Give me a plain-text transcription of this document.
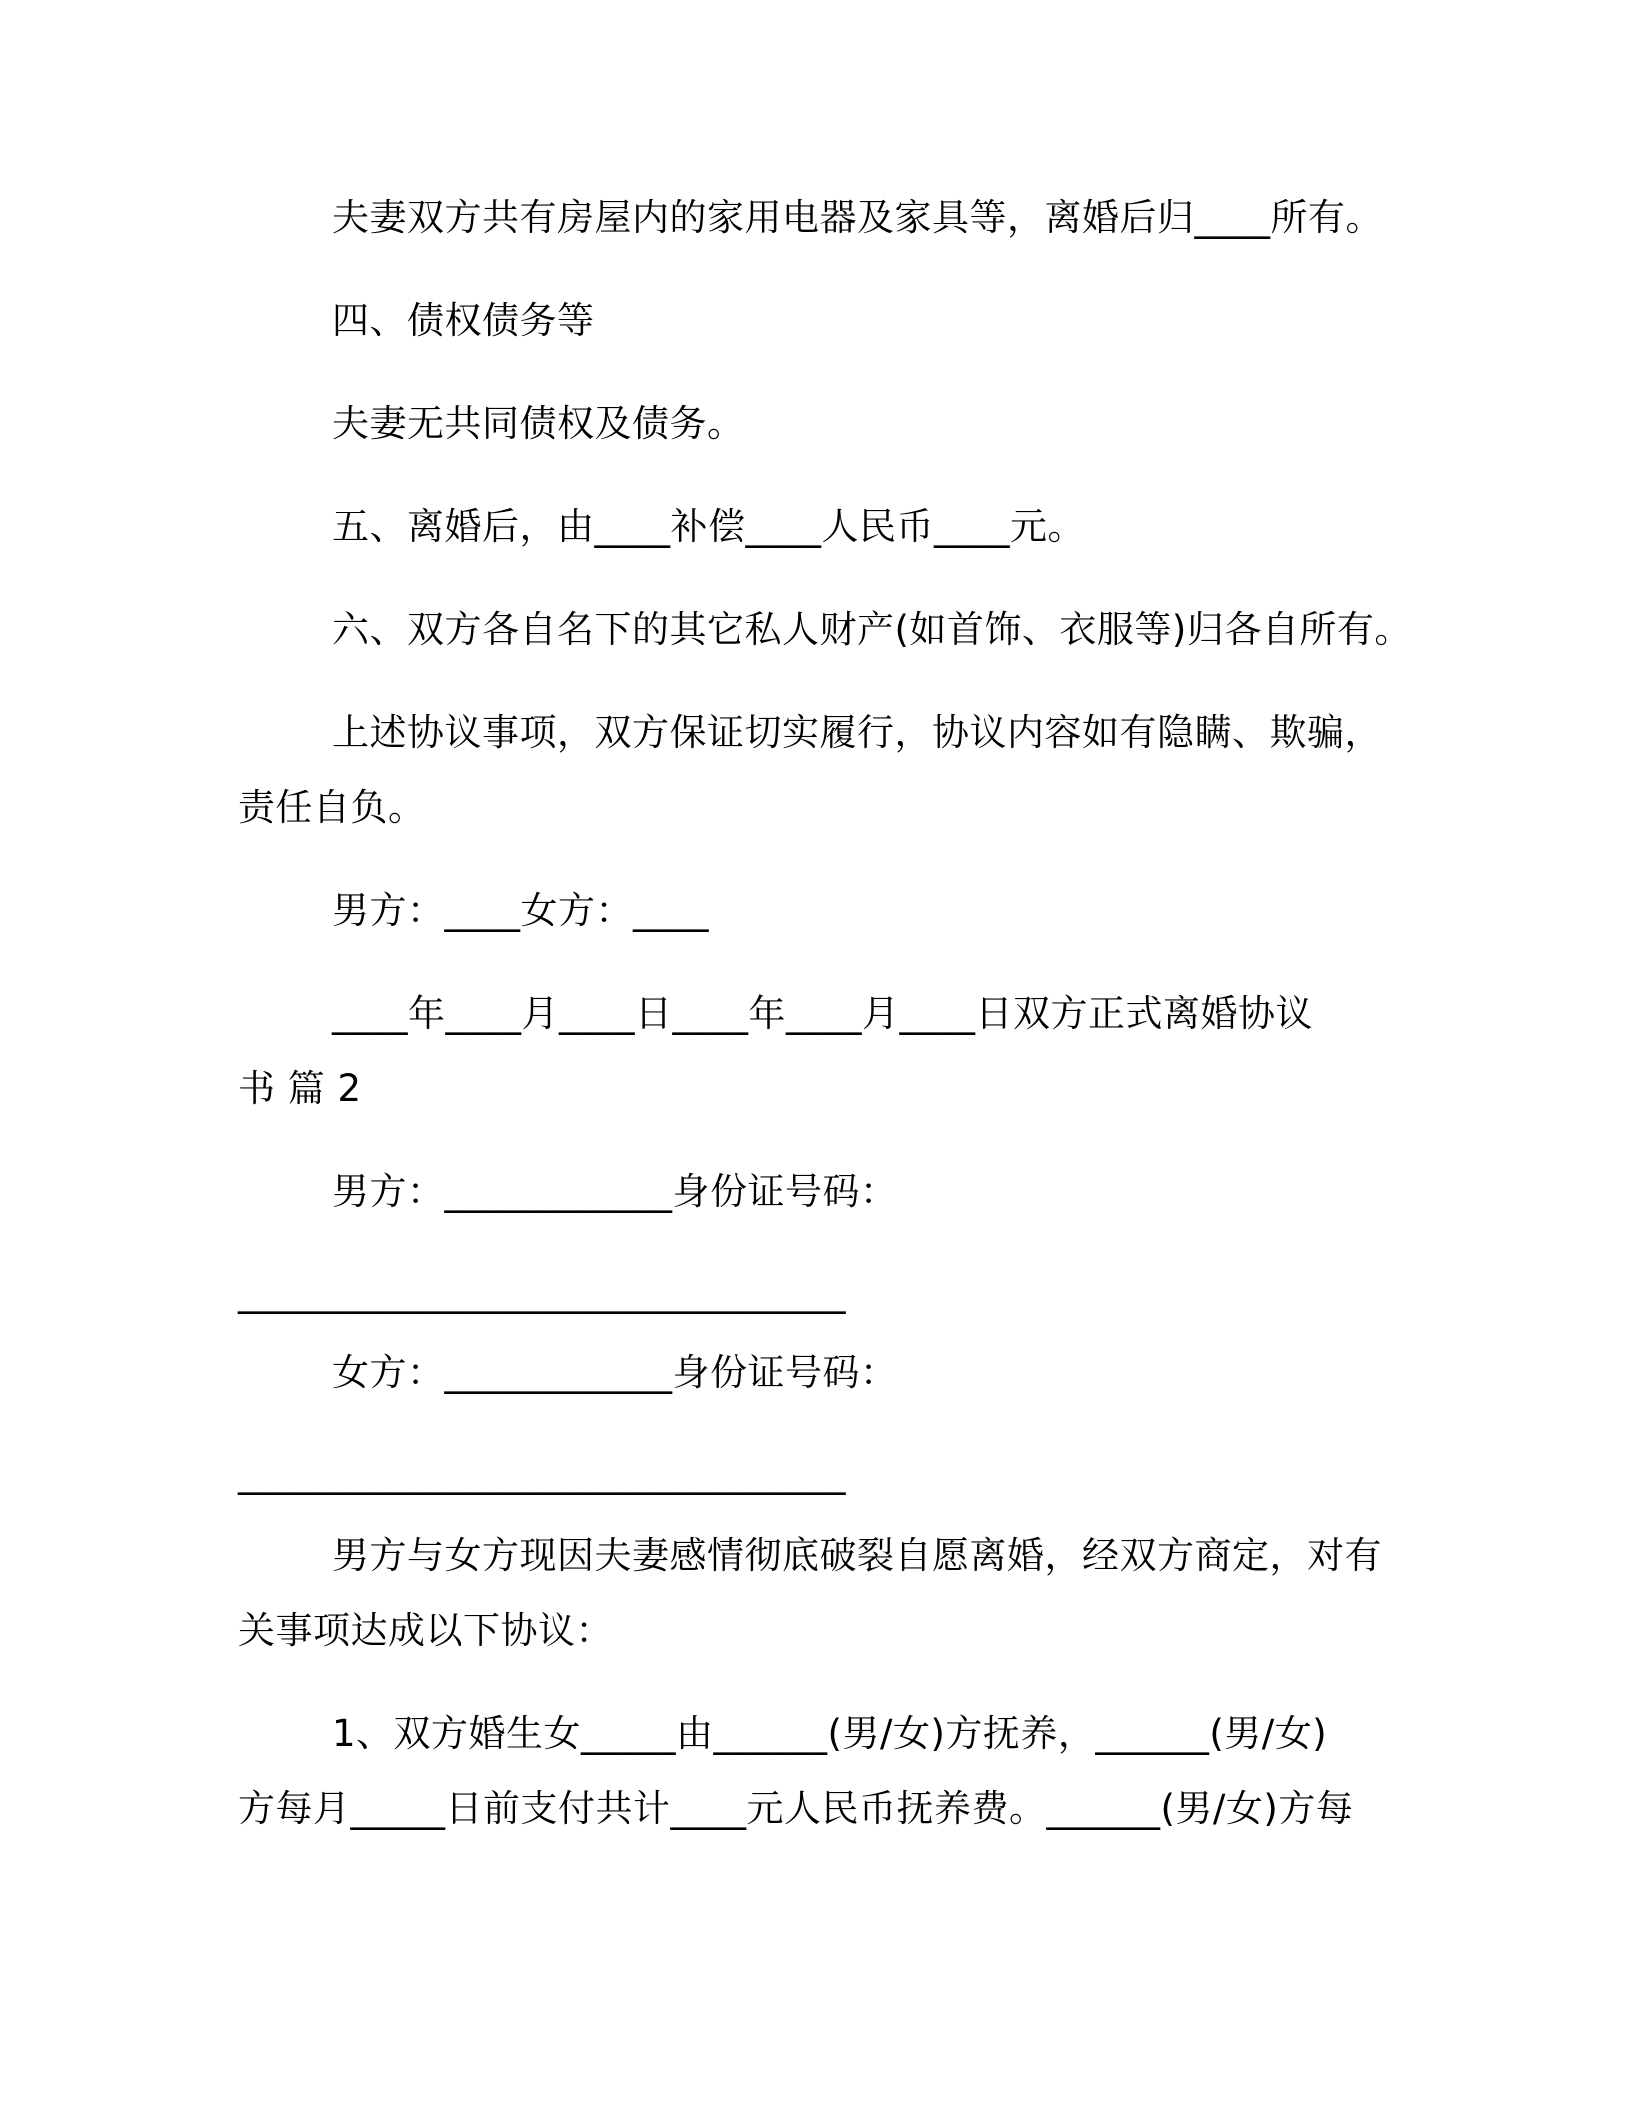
夫妻双方共有房屋内的家用电器及家具等，离婚后归____所有。
四、债权债务等
夫妻无共同债权及债务。
五、离婚后，由____补偿____人民币____元。
六、双方各自名下的其它私人财产(如首饰、衣服等)归各自所有。
上述协议事项，双方保证切实履行，协议内容如有隐瞒、欺骗，
责任自负。
男方：____女方：____
____年____月____日____年____月____日双方正式离婚协议
书 篇 2
男方：____________身份证号码：
________________________________
女方：____________身份证号码：
________________________________
男方与女方现因夫妻感情彻底破裂自愿离婚，经双方商定，对有
关事项达成以下协议：
1、双方婚生女_____由______(男/女)方抚养，______(男/女)
方每月_____日前支付共计____元人民币抚养费。______(男/女)方每
